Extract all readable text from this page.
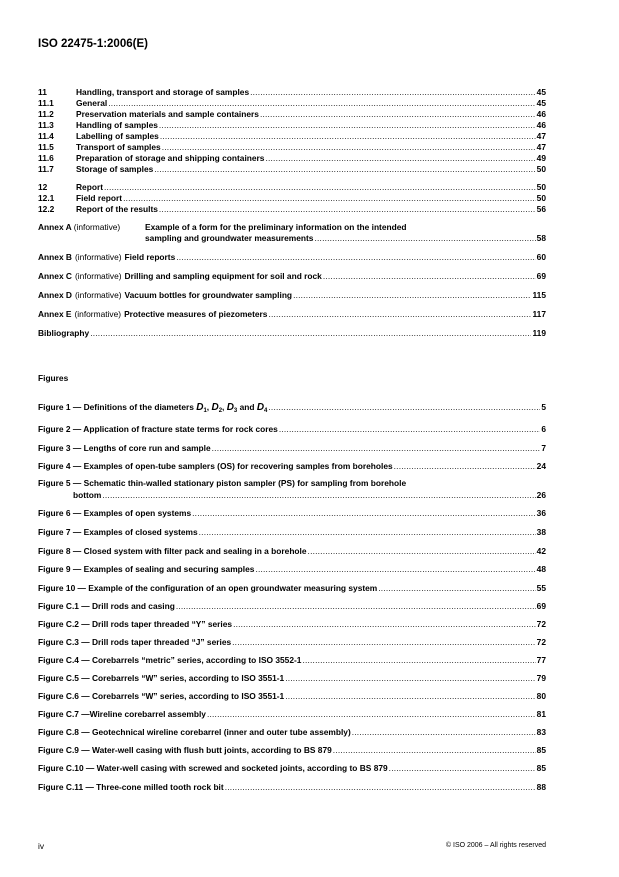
ISO 22475-1:2006(E)
11	Handling, transport and storage of samples .....	45
11.1	General .....	45
11.2	Preservation materials and sample containers .....	46
11.3	Handling of samples .....	46
11.4	Labelling of samples .....	47
11.5	Transport of samples .....	47
11.6	Preparation of storage and shipping containers .....	49
11.7	Storage of samples .....	50
12	Report .....	50
12.1	Field report .....	50
12.2	Report of the results .....	56
Annex A (informative)	Example of a form for the preliminary information on the intended
sampling and groundwater measurements .....	58
Annex B (informative) Field reports .....	60
Annex C (informative) Drilling and sampling equipment for soil and rock .....	69
Annex D (informative) Vacuum bottles for groundwater sampling .....	115
Annex E (informative) Protective measures of piezometers .....	117
Bibliography .....	119
Figures
Figure 1 — Definitions of the diameters $D_1$, $D_2$, $D_3$ and $D_4$ .....	5
Figure 2 — Application of fracture state terms for rock cores .....	6
Figure 3 — Lengths of core run and sample .....	7
Figure 4 — Examples of open-tube samplers (OS) for recovering samples from boreholes .....	24
Figure 5 — Schematic thin-walled stationary piston sampler (PS) for sampling from borehole
bottom .....	26
Figure 6 — Examples of open systems .....	36
Figure 7 — Examples of closed systems .....	38
Figure 8 — Closed system with filter pack and sealing in a borehole .....	42
Figure 9 — Examples of sealing and securing samples .....	48
Figure 10 — Example of the configuration of an open groundwater measuring system .....	55
Figure C.1 — Drill rods and casing .....	69
Figure C.2 — Drill rods taper threaded “Y” series .....	72
Figure C.3 — Drill rods taper threaded “J” series .....	72
Figure C.4 — Corebarrels “metric” series, according to ISO 3552-1 .....	77
Figure C.5 — Corebarrels “W” series, according to ISO 3551-1 .....	79
Figure C.6 — Corebarrels “W” series, according to ISO 3551-1 .....	80
Figure C.7 —Wireline corebarrel assembly .....	81
Figure C.8 — Geotechnical wireline corebarrel (inner and outer tube assembly) .....	83
Figure C.9 — Water-well casing with flush butt joints, according to BS 879 .....	85
Figure C.10 — Water-well casing with screwed and socketed joints, according to BS 879 .....	85
Figure C.11 — Three-cone milled tooth rock bit .....	88
iv	© ISO 2006 – All rights reserved
